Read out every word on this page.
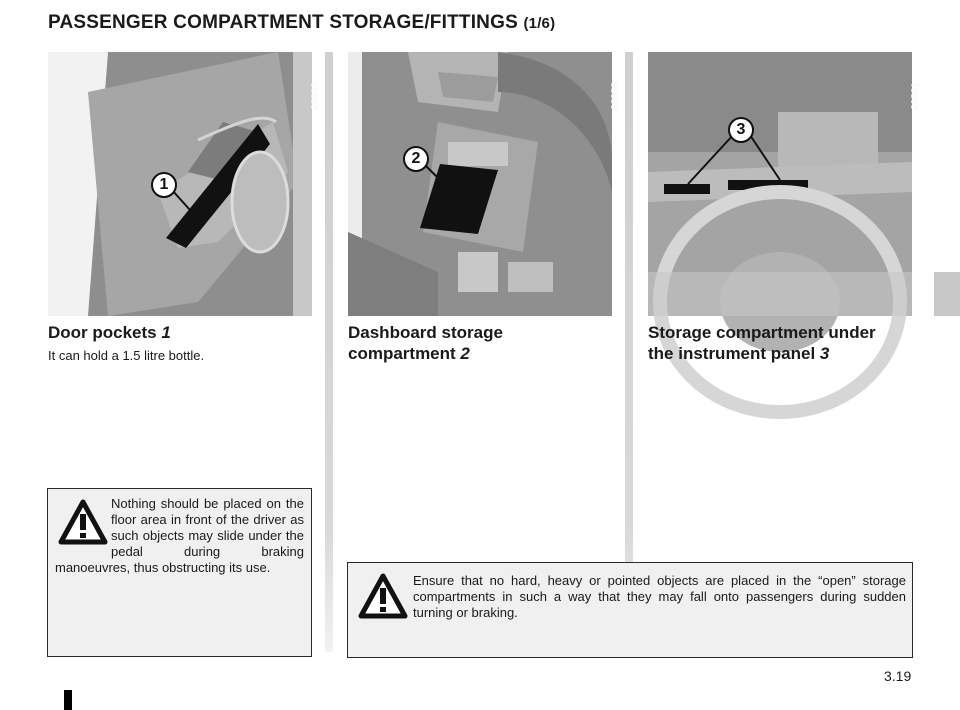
PASSENGER COMPARTMENT STORAGE/FITTINGS (1/6)
28933
1
28958
2
29521
3
Door pockets 1

It can hold a 1.5 litre bottle.

Dashboard storage
compartment 2
Storage compartment under
the instrument panel 3
Nothing should be placed on the floor area in front of the driver as such objects may slide under the pedal during braking manoeuvres, thus obstructing its use.
Ensure that no hard, heavy or pointed objects are placed in the “open” storage compartments in such a way that they may fall onto passengers during sudden turning or braking.
3.19
